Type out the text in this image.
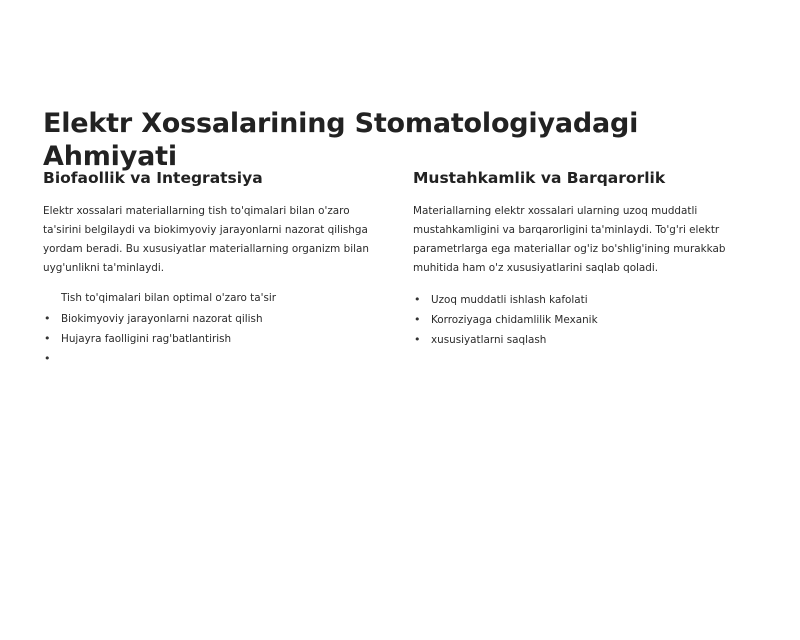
Elektr Xossalarining Stomatologiyadagi Ahmiyati
Biofaollik va Integratsiya

Elektr xossalari materiallarning tish to'qimalari bilan o'zaro ta'sirini belgilaydi va biokimyoviy jarayonlarni nazorat qilishga yordam beradi. Bu xususiyatlar materiallarning organizm bilan uyg'unlikni ta'minlaydi.

Tish to'qimalari bilan optimal o'zaro ta'sir
• Biokimyoviy jarayonlarni nazorat qilish
• Hujayra faolligini rag'batlantirish
•
Mustahkamlik va Barqarorlik

Materiallarning elektr xossalari ularning uzoq muddatli mustahkamligini va barqarorligini ta'minlaydi. To'g'ri elektr parametrlarga ega materiallar og'iz bo'shlig'ining murakkab muhitida ham o'z xususiyatlarini saqlab qoladi.

• Uzoq muddatli ishlash kafolati
• Korroziyaga chidamlilik Mexanik
• xususiyatlarni saqlash
